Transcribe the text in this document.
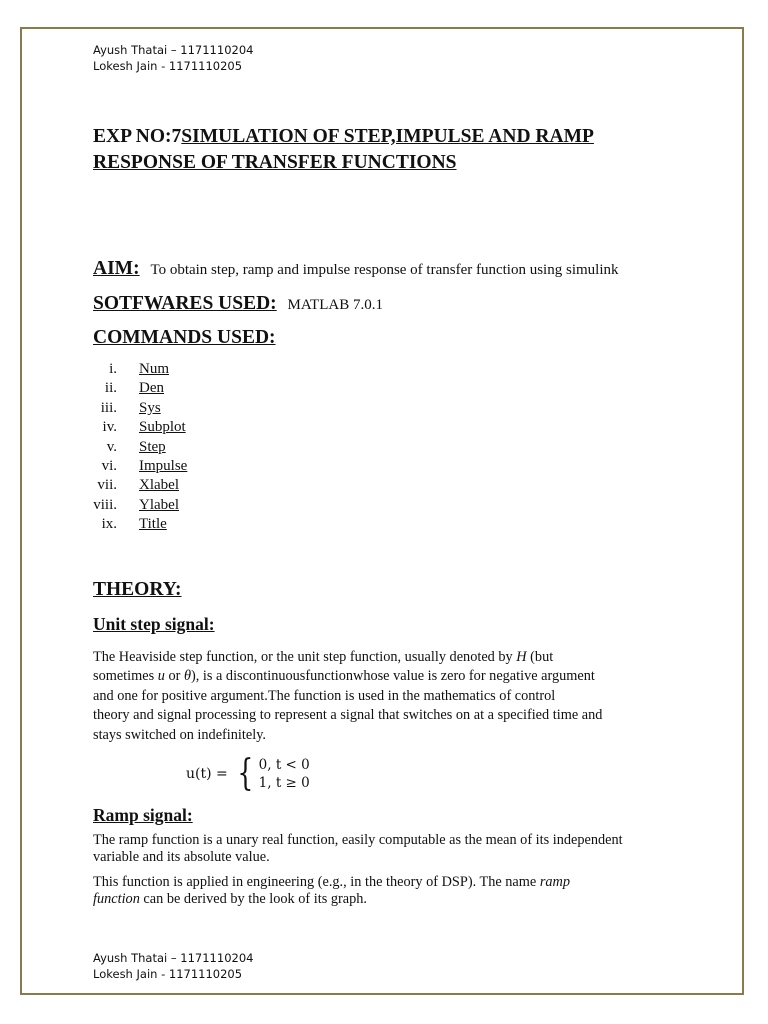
Ayush Thatai – 1171110204
Lokesh Jain - 1171110205
EXP NO:7SIMULATION OF STEP,IMPULSE AND RAMP
RESPONSE OF TRANSFER FUNCTIONS
AIM: To obtain step, ramp and impulse response of transfer function using simulink
SOTFWARES USED: MATLAB 7.0.1
COMMANDS USED:
i. Num
ii. Den
iii. Sys
iv. Subplot
v. Step
vi. Impulse
vii. Xlabel
viii. Ylabel
ix. Title
THEORY:
Unit step signal:

The Heaviside step function, or the unit step function, usually denoted by H (but
sometimes u or θ), is a discontinuousfunctionwhose value is zero for negative argument
and one for positive argument.The function is used in the mathematics of control
theory and signal processing to represent a signal that switches on at a specified time and
stays switched on indefinitely.

u(t) = { 0, t < 0
1, t ≥ 0
Ramp signal:

The ramp function is a unary real function, easily computable as the mean of its independent
variable and its absolute value.

This function is applied in engineering (e.g., in the theory of DSP). The name ramp
function can be derived by the look of its graph.

Ayush Thatai – 1171110204
Lokesh Jain - 1171110205
